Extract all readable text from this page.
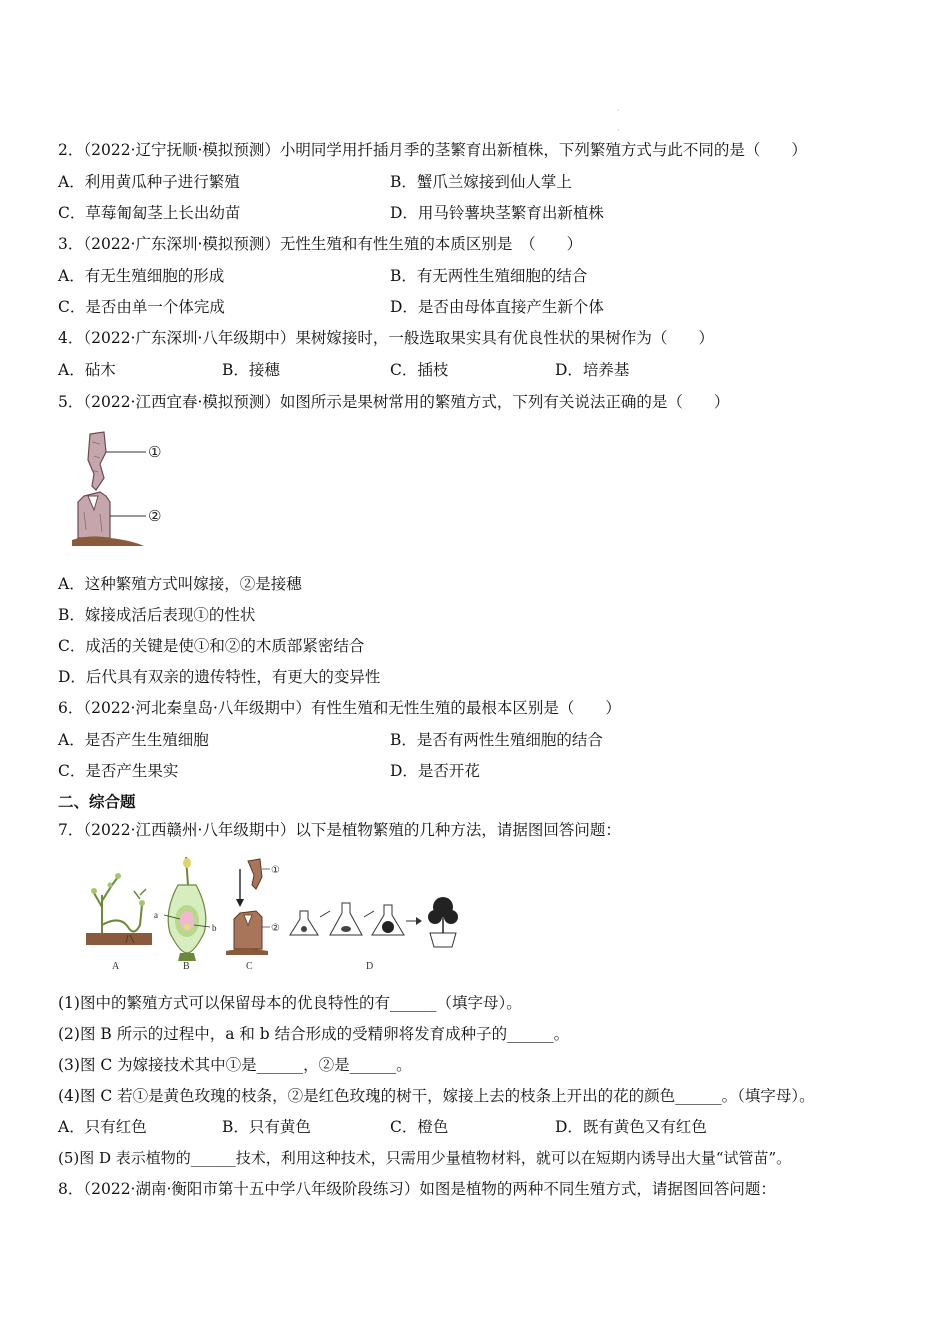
·
·
2．（2022·辽宁抚顺·模拟预测）小明同学用扦插月季的茎繁育出新植株，下列繁殖方式与此不同的是（　　）
A．利用黄瓜种子进行繁殖	B．蟹爪兰嫁接到仙人掌上
C．草莓匍匐茎上长出幼苗	D．用马铃薯块茎繁育出新植株
3．（2022·广东深圳·模拟预测）无性生殖和有性生殖的本质区别是　（　　）
A．有无生殖细胞的形成	B．有无两性生殖细胞的结合
C．是否由单一个体完成	D．是否由母体直接产生新个体
4．（2022·广东深圳·八年级期中）果树嫁接时，一般选取果实具有优良性状的果树作为（　　）
A．砧木	B．接穗	C．插枝	D．培养基
5．（2022·江西宜春·模拟预测）如图所示是果树常用的繁殖方式，下列有关说法正确的是（　　）
①
②
A．这种繁殖方式叫嫁接，②是接穗
B．嫁接成活后表现①的性状
C．成活的关键是使①和②的木质部紧密结合
D．后代具有双亲的遗传特性，有更大的变异性
6．（2022·河北秦皇岛·八年级期中）有性生殖和无性生殖的最根本区别是（　　）
A．是否产生生殖细胞	B．是否有两性生殖细胞的结合
C．是否产生果实	D．是否开花
二、综合题
7．（2022·江西赣州·八年级期中）以下是植物繁殖的几种方法，请据图回答问题：
A
a
b
B
①
②
C	D
(1)图中的繁殖方式可以保留母本的优良特性的有______（填字母）。
(2)图 B 所示的过程中，a 和 b 结合形成的受精卵将发育成种子的______。
(3)图 C 为嫁接技术其中①是______，②是______。
(4)图 C 若①是黄色玫瑰的枝条，②是红色玫瑰的树干，嫁接上去的枝条上开出的花的颜色______。（填字母）。
A．只有红色	B．只有黄色	C．橙色	D．既有黄色又有红色
(5)图 D 表示植物的______技术，利用这种技术，只需用少量植物材料，就可以在短期内诱导出大量“试管苗”。
8．（2022·湖南·衡阳市第十五中学八年级阶段练习）如图是植物的两种不同生殖方式，请据图回答问题：
